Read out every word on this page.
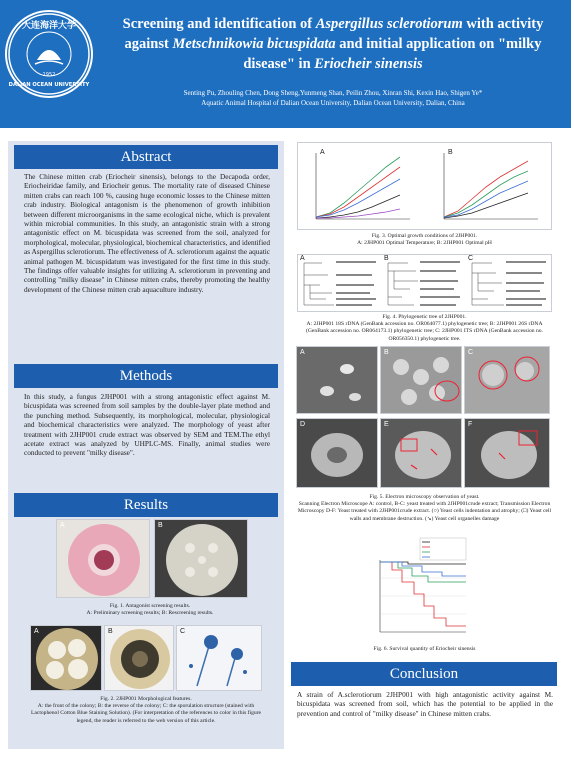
大连海洋大学
DALIAN OCEAN UNIVERSITY
1952
Screening and identification of Aspergillus sclerotiorum with activity against Metschnikowia bicuspidata and initial application on "milky disease" in Eriocheir sinensis
Senting Pu, Zhouling Chen, Dong Sheng,Yunmeng Shan, Peilin Zhou, Xinran Shi, Kexin Hao, Shigen Ye*
Aquatic Animal Hospital of Dalian Ocean University, Dalian Ocean University, Dalian, China
Abstract
The Chinese mitten crab (Eriocheir sinensis), belongs to the Decapoda order, Eriocheiridae family, and Eriocheir genus. The mortality rate of diseased Chinese mitten crabs can reach 100 %, causing huge economic losses to the Chinese mitten crab industry. Biological antagonism is the phenomenon of growth inhibition between different microorganisms in the same ecological niche, which is prevalent within microbial communities. In this study, an antagonistic strain with a strong antagonistic effect on M. bicuspidata was screened from the soil, analyzed for morphological, molecular, physiological, biochemical characteristics, and identified as Aspergillus sclerotiorum. The effectiveness of A. sclerotiorum against the aquatic animal pathogen M. bicuspidatum was investigated for the first time in this study. The findings offer valuable insights for utilizing A. sclerotiorum in preventing and controlling "milky disease" in Chinese mitten crabs, thereby promoting the healthy development of the Chinese mitten crab aquaculture industry.
Methods
In this study, a fungus 2JHP001 with a strong antagonistic effect against M. bicuspidata was screened from soil samples by the double-layer plate method and the punching method. Subsequently, its morphological, molecular, physiological and biochemical characteristics were analyzed. The morphology of yeast after treatment with 2JHP001 crude extract was observed by SEM and TEM.The ethyl acetate extract was analyzed by UHPLC-MS. Finally, animal studies were conducted to prevent "milky disease".
Results
A	B
Fig. 1. Antagonist screening results.
A: Preliminary screening results; B: Rescreening results.
A	B	C
Fig. 2. 2JHP001 Morphological features.
A: the front of the colony; B: the reverse of the colony; C: the sporulation structure (stained with Lactophenol Cotton Blue Staining Solution). (For interpretation of the references to color in this figure legend, the reader is referred to the web version of this article.
A	B
Fig. 3. Optimal growth conditions of 2JHP001.
A: 2JHP001 Optimal Temperature; B: 2JHP001 Optimal pH
A	B	C
Fig. 4. Phylogenetic tree of 2JHP001.
A: 2JHP001 18S rDNA (GenBank accession no. OR064077.1) phylogenetic tree; B: 2JHP001 26S rDNA (GenBank accession no. OR064173.1) phylogenetic tree; C: 2JHP001 ITS rDNA (GenBank accession no. OR056350.1) phylogenetic tree.
A	B	C
D	E	F
Fig. 5. Electron microscopy observation of yeast.
Scanning Electron Microscope A: control, B-C: yeast treated with 2JHP001crude extract; Transmission Electron Microscopy D-F: Yeast treated with 2JHP001crude extract. (○) Yeast cells indentation and atrophy; (□) Yeast cell walls and membrane destruction. (↘) Yeast cell organelles damage
Fig. 6. Survival quantity of Eriocheir sinensis
Conclusion
A strain of A.sclerotiorum 2JHP001 with high antagonistic activity against M. bicuspidata was screened from soil, which has the potential to be applied in the prevention and control of "milky disease" in Chinese mitten crabs.
